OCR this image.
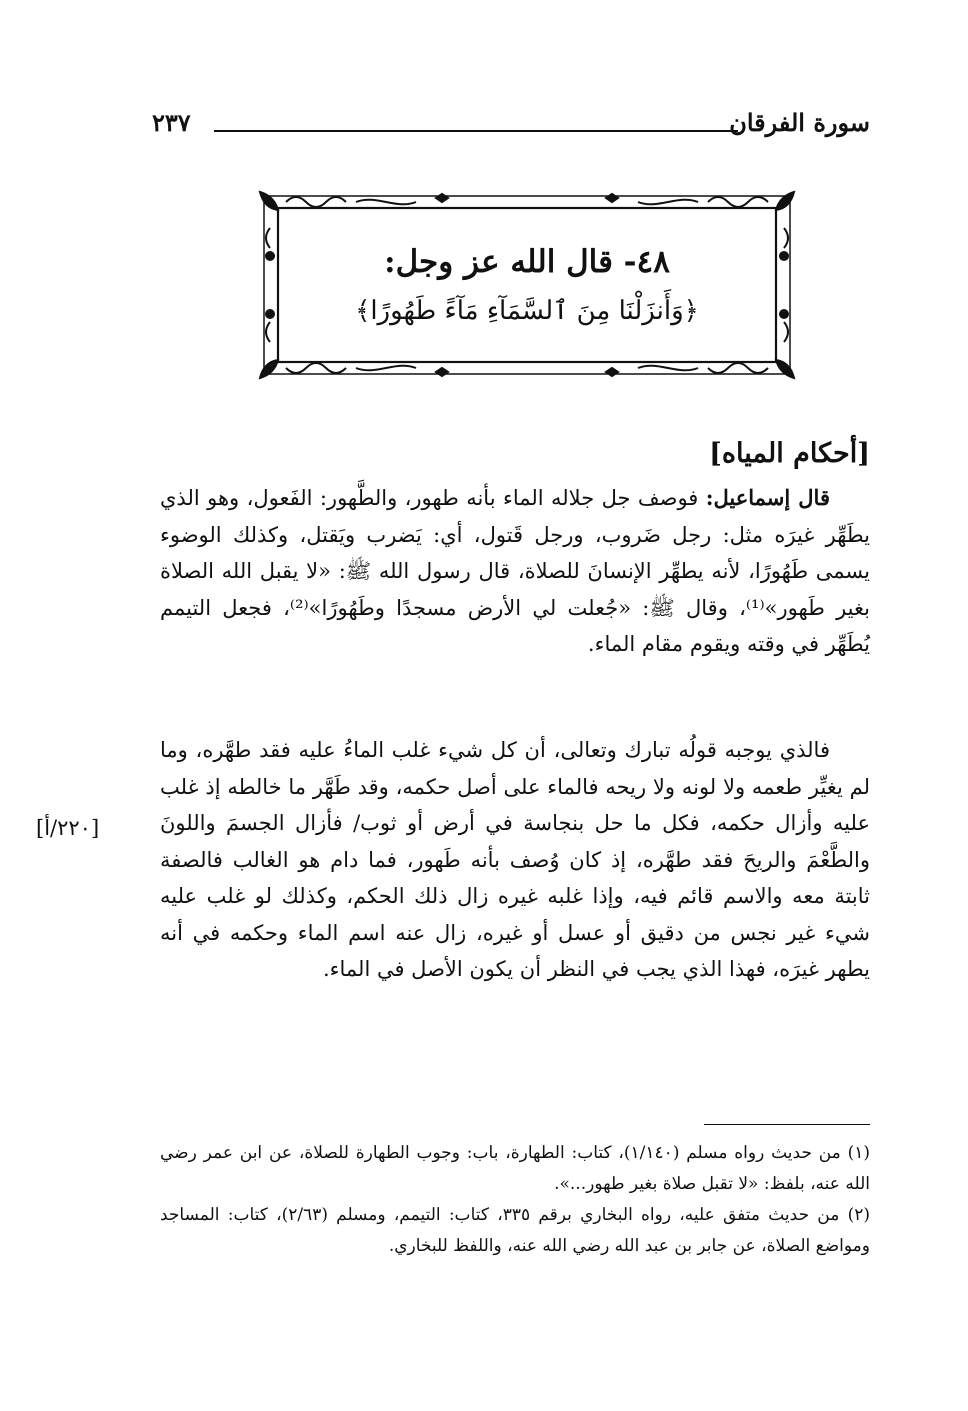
سورة الفرقان
٢٣٧
٤٨- قال الله عز وجل:
﴿وَأَنزَلْنَا مِنَ ٱلسَّمَآءِ مَآءً طَهُورًا﴾
[أحكام المياه]

قال إسماعيل: فوصف جل جلاله الماء بأنه طهور، والطَّهور: الفَعول، وهو الذي يطَهِّر غيرَه مثل: رجل ضَروب، ورجل قَتول، أي: يَضرب ويَقتل، وكذلك الوضوء يسمى طَهُورًا، لأنه يطهِّر الإنسانَ للصلاة، قال رسول الله ﷺ: «لا يقبل الله الصلاة بغير طَهور»⁽¹⁾، وقال ﷺ: «جُعلت لي الأرض مسجدًا وطَهُورًا»⁽²⁾، فجعل التيمم يُطَهِّر في وقته ويقوم مقام الماء.

فالذي يوجبه قولُه تبارك وتعالى، أن كل شيء غلب الماءُ عليه فقد طهَّره، وما لم يغيِّر طعمه ولا لونه ولا ريحه فالماء على أصل حكمه، وقد طَهَّر ما خالطه إذ غلب عليه وأزال حكمه، فكل ما حل بنجاسة في أرض أو ثوب/ فأزال الجسمَ واللونَ والطَّعْمَ والريحَ فقد طهَّره، إذ كان وُصف بأنه طَهور، فما دام هو الغالب فالصفة ثابتة معه والاسم قائم فيه، وإذا غلبه غيره زال ذلك الحكم، وكذلك لو غلب عليه شيء غير نجس من دقيق أو عسل أو غيره، زال عنه اسم الماء وحكمه في أنه يطهر غيرَه، فهذا الذي يجب في النظر أن يكون الأصل في الماء.

[٢٢٠/أ]

(١) من حديث رواه مسلم (١/١٤٠)، كتاب: الطهارة، باب: وجوب الطهارة للصلاة، عن ابن عمر رضي الله عنه، بلفظ: «لا تقبل صلاة بغير طهور...».

(٢) من حديث متفق عليه، رواه البخاري برقم ٣٣٥، كتاب: التيمم، ومسلم (٢/٦٣)، كتاب: المساجد ومواضع الصلاة، عن جابر بن عبد الله رضي الله عنه، واللفظ للبخاري.
